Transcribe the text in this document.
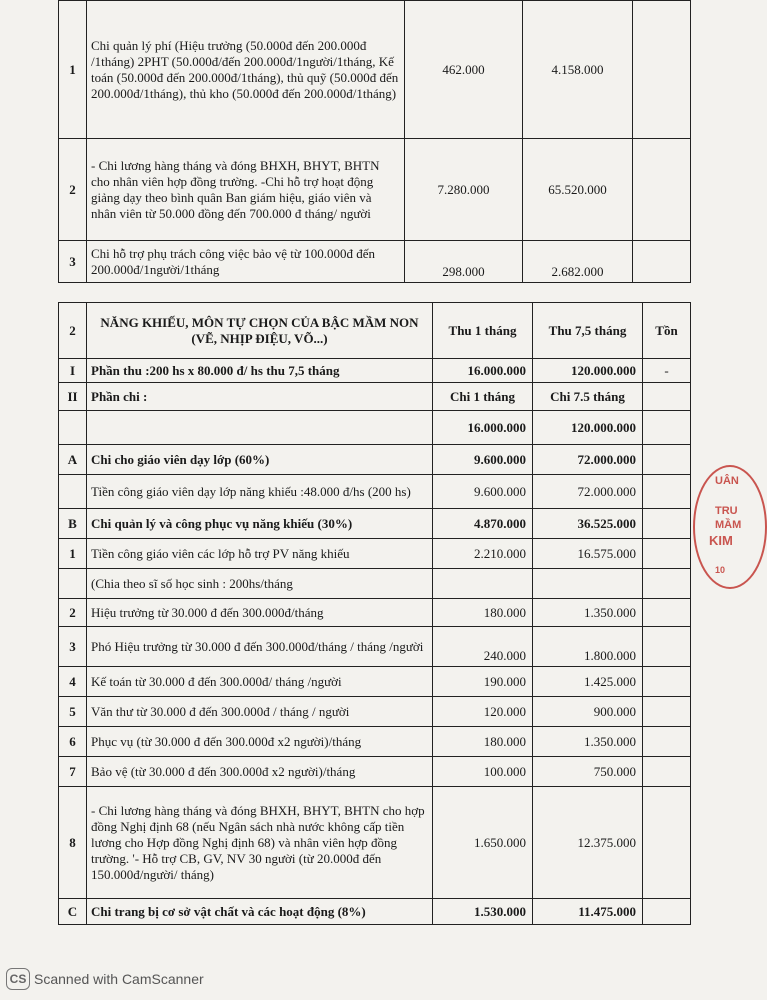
1	Chi quản lý phí (Hiệu trưởng (50.000đ đến 200.000đ /1tháng) 2PHT (50.000đ/đến 200.000đ/1người/1tháng, Kế toán (50.000đ đến 200.000đ/1tháng), thủ quỹ (50.000đ đến 200.000đ/1tháng), thủ kho (50.000đ đến 200.000đ/1tháng)	462.000	4.158.000	
2	- Chi lương hàng tháng và đóng BHXH, BHYT, BHTN cho nhân viên hợp đồng trường. -Chi hỗ trợ hoạt động giảng dạy theo bình quân Ban giám hiệu, giáo viên và nhân viên từ 50.000 đồng đến 700.000 đ tháng/ người	7.280.000	65.520.000	
3	Chi hỗ trợ phụ trách công việc bảo vệ từ 100.000đ đến 200.000đ/1người/1tháng	298.000	2.682.000	
2	NĂNG KHIẾU, MÔN TỰ CHỌN CỦA BẬC MẦM NON (VẼ, NHỊP ĐIỆU, VÕ...)	Thu 1 tháng	Thu 7,5 tháng	Tồn
I	Phần thu :200 hs x 80.000 đ/ hs thu 7,5 tháng	16.000.000	120.000.000	-
II	Phần chi :	Chi 1 tháng	Chi 7.5 tháng	
		16.000.000	120.000.000	
A	Chi cho giáo viên dạy lớp (60%)	9.600.000	72.000.000	
	Tiền công giáo viên dạy lớp năng khiếu :48.000 đ/hs (200 hs)	9.600.000	72.000.000	
B	Chi quản lý và công phục vụ năng khiếu (30%)	4.870.000	36.525.000	
1	Tiền công giáo viên các lớp hỗ trợ PV năng khiếu	2.210.000	16.575.000	
	(Chia theo sĩ số học sinh : 200hs/tháng			
2	Hiệu trưởng từ 30.000 đ đến 300.000đ/tháng	180.000	1.350.000	
3	Phó Hiệu trưởng từ 30.000 đ đến 300.000đ/tháng / tháng /người	240.000	1.800.000	
4	Kế toán từ 30.000 đ đến 300.000đ/ tháng /người	190.000	1.425.000	
5	Văn thư từ 30.000 đ đến 300.000đ / tháng / người	120.000	900.000	
6	Phục vụ (từ 30.000 đ đến 300.000đ x2 người)/tháng	180.000	1.350.000	
7	Bảo vệ (từ 30.000 đ đến 300.000đ x2 người)/tháng	100.000	750.000	
8	- Chi lương hàng tháng và đóng BHXH, BHYT, BHTN cho hợp đồng Nghị định 68 (nếu Ngân sách nhà nước không cấp tiền lương cho Hợp đồng Nghị định 68) và nhân viên hợp đồng trường. '- Hỗ trợ CB, GV, NV 30 người (từ 20.000đ đến 150.000đ/người/ tháng)	1.650.000	12.375.000	
C	Chi trang bị cơ sở vật chất và các hoạt động (8%)	1.530.000	11.475.000	
UÂN
TRU
MẦM
KIM
10
CS Scanned with CamScanner
